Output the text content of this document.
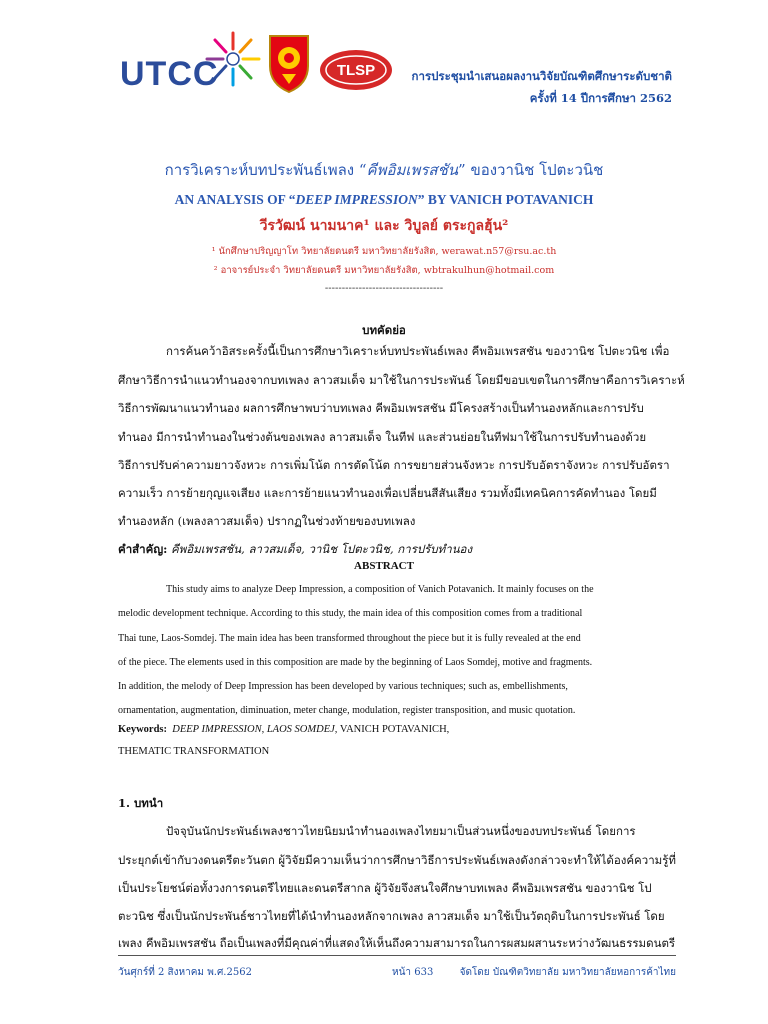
UTCC	TLSP	การประชุมนำเสนอผลงานวิจัยบัณฑิตศึกษาระดับชาติ
ครั้งที่ 14 ปีการศึกษา 2562
การวิเคราะห์บทประพันธ์เพลง “คีพอิมเพรสชัน” ของวานิช โปตะวนิช
AN ANALYSIS OF “DEEP IMPRESSION” BY VANICH POTAVANICH
วีรวัฒน์ นามนาค¹ และ วิบูลย์ ตระกูลฮุ้น²
¹ นักศึกษาปริญญาโท วิทยาลัยดนตรี มหาวิทยาลัยรังสิต, werawat.n57@rsu.ac.th
² อาจารย์ประจำ วิทยาลัยดนตรี มหาวิทยาลัยรังสิต, wbtrakulhun@hotmail.com
-----------------------------------
บทคัดย่อ
การค้นคว้าอิสระครั้งนี้เป็นการศึกษาวิเคราะห์บทประพันธ์เพลง คีพอิมเพรสชัน ของวานิช โปตะวนิช เพื่อ
ศึกษาวิธีการนำแนวทำนองจากบทเพลง ลาวสมเด็จ มาใช้ในการประพันธ์ โดยมีขอบเขตในการศึกษาคือการวิเคราะห์
วิธีการพัฒนาแนวทำนอง ผลการศึกษาพบว่าบทเพลง คีพอิมเพรสชัน มีโครงสร้างเป็นทำนองหลักและการปรับ
ทำนอง มีการนำทำนองในช่วงต้นของเพลง ลาวสมเด็จ ในทีฟ และส่วนย่อยในทีฟมาใช้ในการปรับทำนองด้วย
วิธีการปรับค่าความยาวจังหวะ การเพิ่มโน้ต การตัดโน้ต การขยายส่วนจังหวะ การปรับอัตราจังหวะ การปรับอัตรา
ความเร็ว การย้ายกุญแจเสียง และการย้ายแนวทำนองเพื่อเปลี่ยนสีสันเสียง รวมทั้งมีเทคนิคการคัดทำนอง โดยมี
ทำนองหลัก (เพลงลาวสมเด็จ) ปรากฏในช่วงท้ายของบทเพลง
คำสำคัญ: คีพอิมเพรสชัน, ลาวสมเด็จ, วานิช โปตะวนิช, การปรับทำนอง
ABSTRACT
This study aims to analyze Deep Impression, a composition of Vanich Potavanich. It mainly focuses on the
melodic development technique. According to this study, the main idea of this composition comes from a traditional
Thai tune, Laos-Somdej. The main idea has been transformed throughout the piece but it is fully revealed at the end
of the piece. The elements used in this composition are made by the beginning of Laos Somdej, motive and fragments.
In addition, the melody of Deep Impression has been developed by various techniques; such as, embellishments,
ornamentation, augmentation, diminuation, meter change, modulation, register transposition, and music quotation.
Keywords: DEEP IMPRESSION, LAOS SOMDEJ, VANICH POTAVANICH,
THEMATIC TRANSFORMATION
1. บทนำ
ปัจจุบันนักประพันธ์เพลงชาวไทยนิยมนำทำนองเพลงไทยมาเป็นส่วนหนึ่งของบทประพันธ์ โดยการ
ประยุกต์เข้ากับวงดนตรีตะวันตก ผู้วิจัยมีความเห็นว่าการศึกษาวิธีการประพันธ์เพลงดังกล่าวจะทำให้ได้องค์ความรู้ที่
เป็นประโยชน์ต่อทั้งวงการดนตรีไทยและดนตรีสากล ผู้วิจัยจึงสนใจศึกษาบทเพลง คีพอิมเพรสชัน ของวานิช โป
ตะวนิช ซึ่งเป็นนักประพันธ์ชาวไทยที่ได้นำทำนองหลักจากเพลง ลาวสมเด็จ มาใช้เป็นวัตถุดิบในการประพันธ์ โดย
เพลง คีพอิมเพรสชัน ถือเป็นเพลงที่มีคุณค่าที่แสดงให้เห็นถึงความสามารถในการผสมผสานระหว่างวัฒนธรรมดนตรี
วันศุกร์ที่ 2 สิงหาคม พ.ศ.2562	หน้า 633	จัดโดย บัณฑิตวิทยาลัย มหาวิทยาลัยหอการค้าไทย
